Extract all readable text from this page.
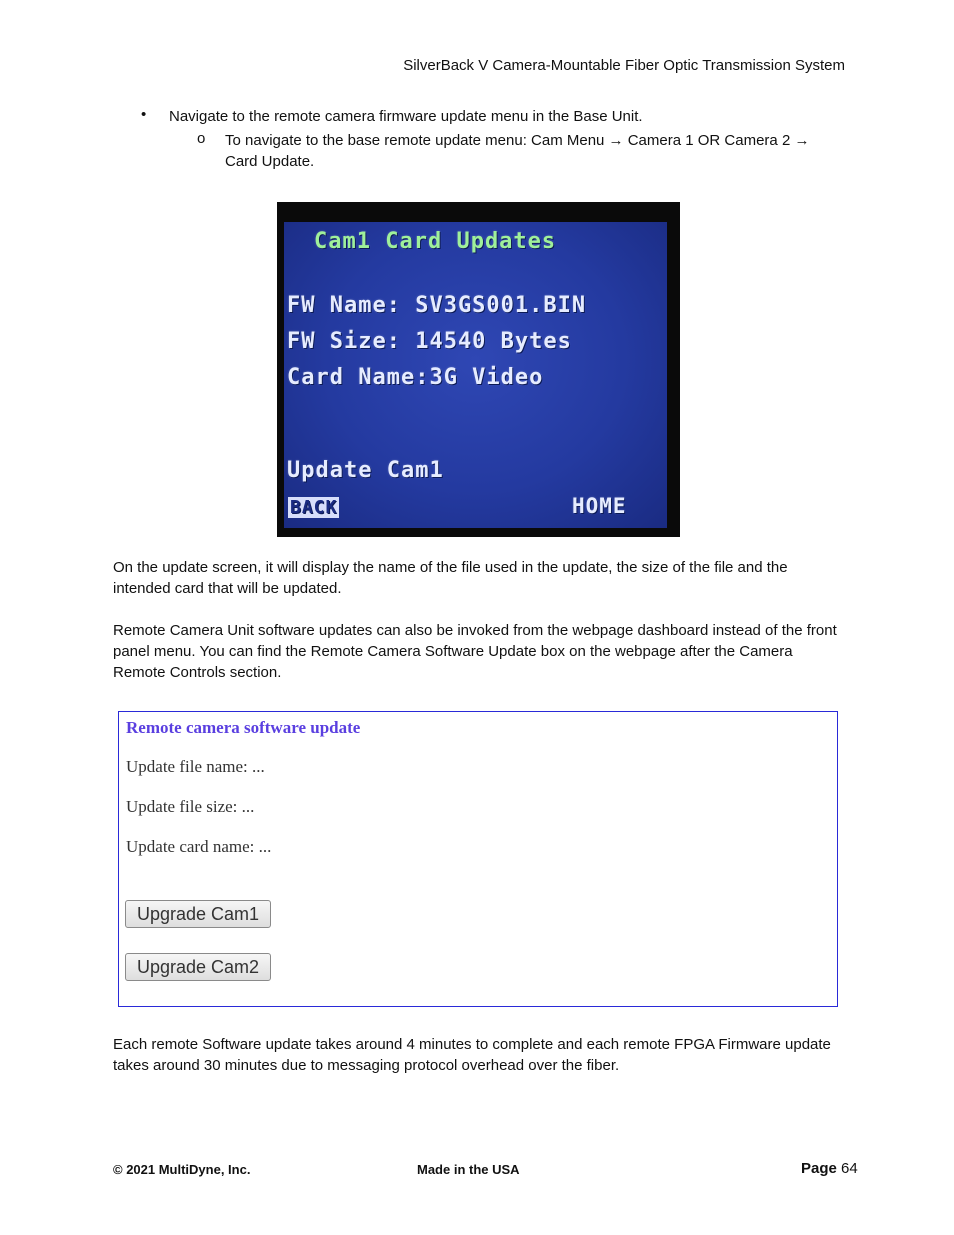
SilverBack V Camera-Mountable Fiber Optic Transmission System
• Navigate to the remote camera firmware update menu in the Base Unit.
o To navigate to the base remote update menu: Cam Menu → Camera 1 OR Camera 2 → Card Update.
Cam1 Card Updates
FW Name: SV3GS001.BIN
FW Size: 14540 Bytes
Card Name:3G Video
Update Cam1
BACK	HOME
On the update screen, it will display the name of the file used in the update, the size of the file and the intended card that will be updated.
Remote Camera Unit software updates can also be invoked from the webpage dashboard instead of the front panel menu. You can find the Remote Camera Software Update box on the webpage after the Camera Remote Controls section.
Remote camera software update
Update file name: ...
Update file size: ...
Update card name: ...
Upgrade Cam1
Upgrade Cam2
Each remote Software update takes around 4 minutes to complete and each remote FPGA Firmware update takes around 30 minutes due to messaging protocol overhead over the fiber.
© 2021 MultiDyne, Inc.	Made in the USA	Page 64
